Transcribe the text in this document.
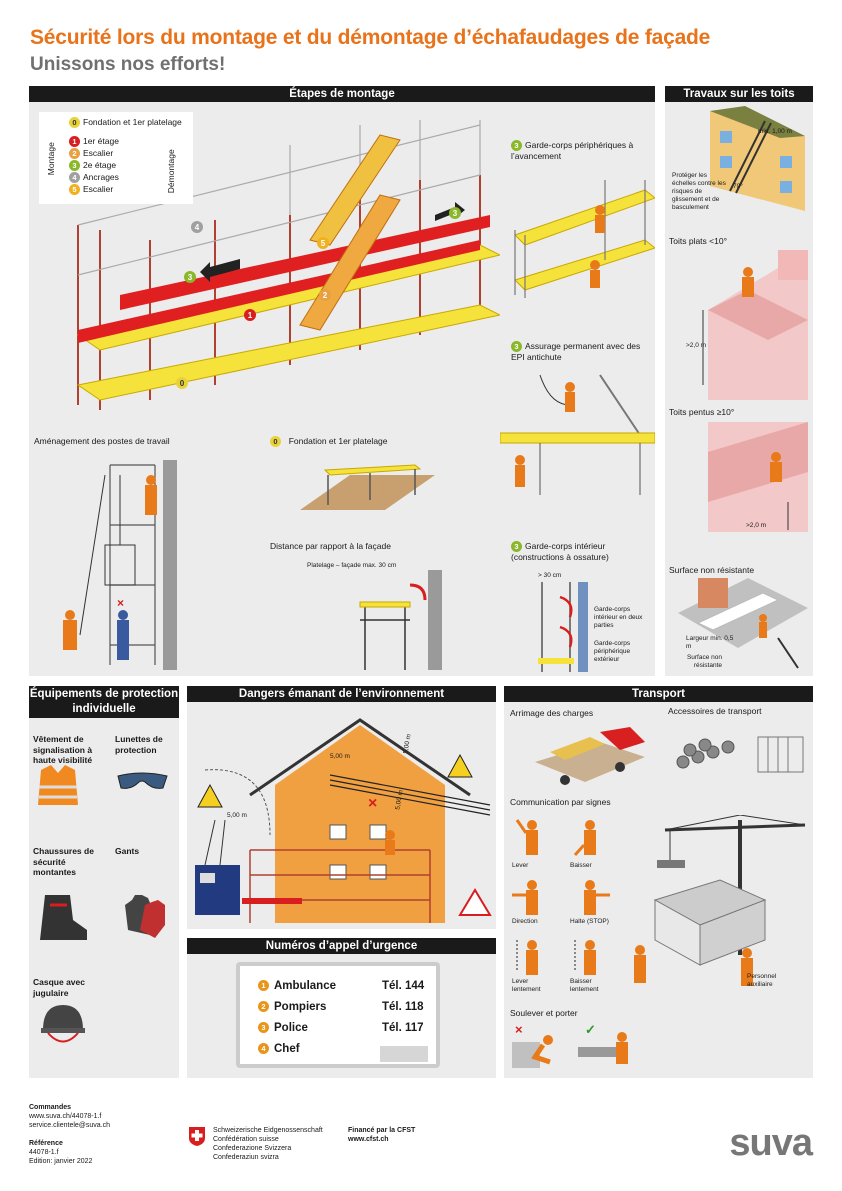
Sécurité lors du montage et du démontage d’échafaudages de façade
Unissons nos efforts!
Étapes de montage
1
2
3
3
4
5
0
0 Fondation et 1er platelage
1 1er étage
2 Escalier
3 2e étage
4 Ancrages
5 Escalier
Montage	Démontage
3 Garde-corps périphériques à l’avancement
3 Assurage permanent avec des EPI antichute
Aménagement des postes de travail
×
0 Fondation et 1er platelage
Distance par rapport à la façade
Platelage – façade max. 30 cm
3 Garde-corps intérieur (constructions à ossature)
> 30 cm
Garde-corps intérieur en deux parties
Garde-corps périphérique extérieur
Travaux sur les toits
min. 1,00 m
Protéger les échelles contre les risques de glissement et de basculement
70°
Toits plats <10°
>2,0 m
Toits pentus ≥10°
>2,0 m
Surface non résistante
Largeur min. 0,5 m
Surface non résistante
Équipements de protection individuelle
Vêtement de signalisation à haute visibilité
Lunettes de protection
Chaussures de sécurité montantes
Gants
Casque avec jugulaire
Dangers émanant de l’environnement
×
5,00 m
5,00 m
5,00 m
5,00 m
Numéros d’appel d’urgence
1 Ambulance	Tél. 144
2 Pompiers	Tél. 118
3 Police	Tél. 117
4 Chef
Transport
Arrimage des charges	Accessoires de transport
Communication par signes
Lever	Baisser
Direction	Halte (STOP)
Lever lentement
Baisser lentement
Personnel auxiliaire
Soulever et porter
×	✓
Commandes
www.suva.ch/44078-1.f
service.clientele@suva.ch
Référence
44078-1.f
Edition: janvier 2022
Schweizerische Eidgenossenschaft
Confédération suisse
Confederazione Svizzera
Confederaziun svizra
Financé par la CFST
www.cfst.ch	suva
